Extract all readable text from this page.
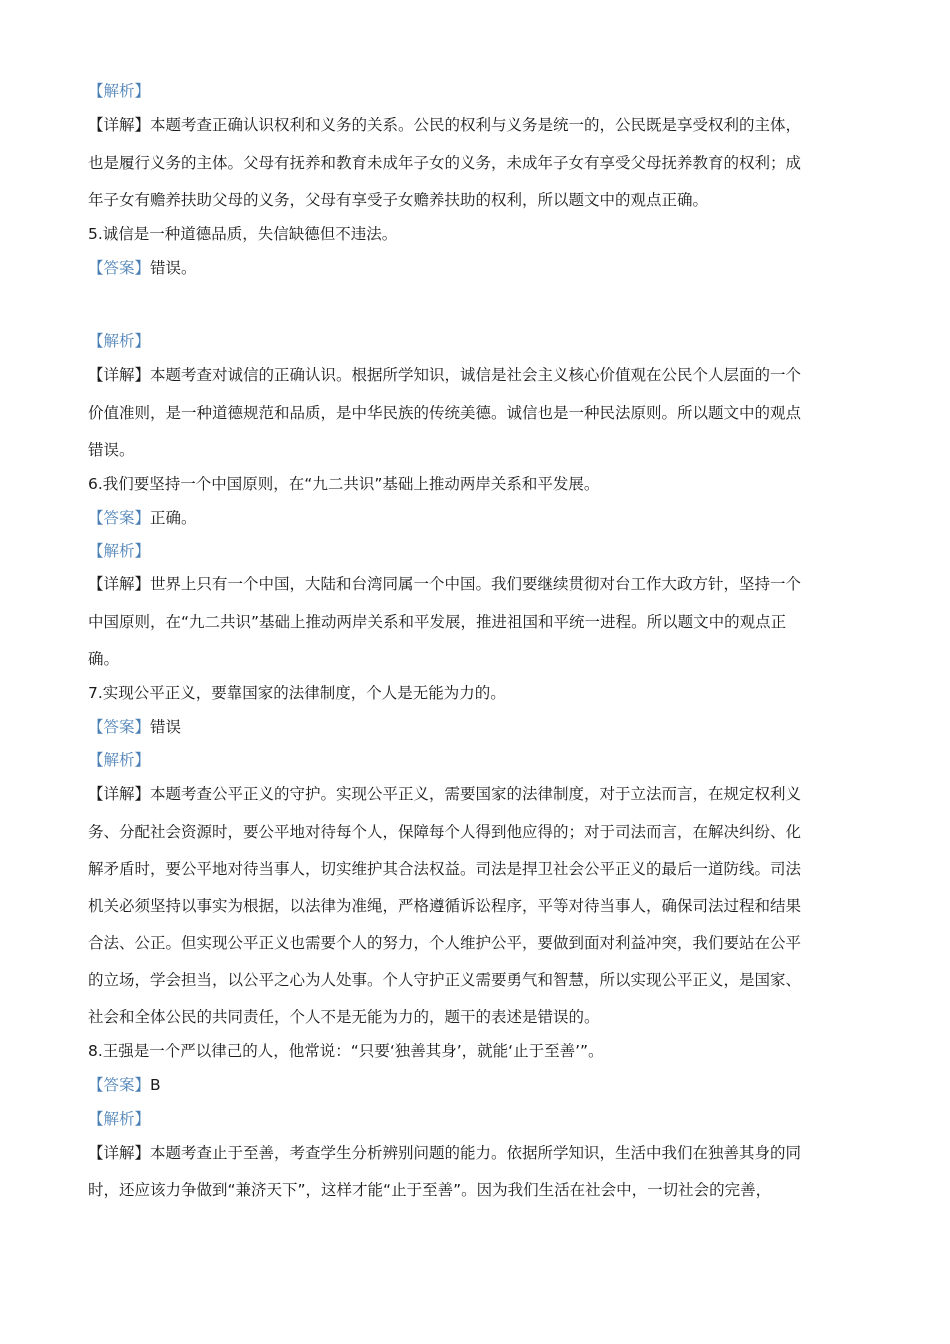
【解析】
【详解】本题考查正确认识权利和义务的关系。公民的权利与义务是统一的，公民既是享受权利的主体，
也是履行义务的主体。父母有抚养和教育未成年子女的义务，未成年子女有享受父母抚养教育的权利；成
年子女有赡养扶助父母的义务，父母有享受子女赡养扶助的权利，所以题文中的观点正确。
5.诚信是一种道德品质，失信缺德但不违法。
【答案】错误。
【解析】
【详解】本题考查对诚信的正确认识。根据所学知识，诚信是社会主义核心价值观在公民个人层面的一个
价值准则，是一种道德规范和品质，是中华民族的传统美德。诚信也是一种民法原则。所以题文中的观点
错误。
6.我们要坚持一个中国原则，在“九二共识”基础上推动两岸关系和平发展。
【答案】正确。
【解析】
【详解】世界上只有一个中国，大陆和台湾同属一个中国。我们要继续贯彻对台工作大政方针，坚持一个
中国原则，在“九二共识”基础上推动两岸关系和平发展，推进祖国和平统一进程。所以题文中的观点正
确。
7.实现公平正义，要靠国家的法律制度，个人是无能为力的。
【答案】错误
【解析】
【详解】本题考查公平正义的守护。实现公平正义，需要国家的法律制度，对于立法而言，在规定权利义
务、分配社会资源时，要公平地对待每个人，保障每个人得到他应得的；对于司法而言，在解决纠纷、化
解矛盾时，要公平地对待当事人，切实维护其合法权益。司法是捍卫社会公平正义的最后一道防线。司法
机关必须坚持以事实为根据，以法律为准绳，严格遵循诉讼程序，平等对待当事人，确保司法过程和结果
合法、公正。但实现公平正义也需要个人的努力，个人维护公平，要做到面对利益冲突，我们要站在公平
的立场，学会担当，以公平之心为人处事。个人守护正义需要勇气和智慧，所以实现公平正义，是国家、
社会和全体公民的共同责任，个人不是无能为力的，题干的表述是错误的。
8.王强是一个严以律己的人，他常说：“只要‘独善其身’，就能‘止于至善’”。
【答案】B
【解析】
【详解】本题考查止于至善，考查学生分析辨别问题的能力。依据所学知识，生活中我们在独善其身的同
时，还应该力争做到“兼济天下”，这样才能“止于至善”。因为我们生活在社会中，一切社会的完善，
